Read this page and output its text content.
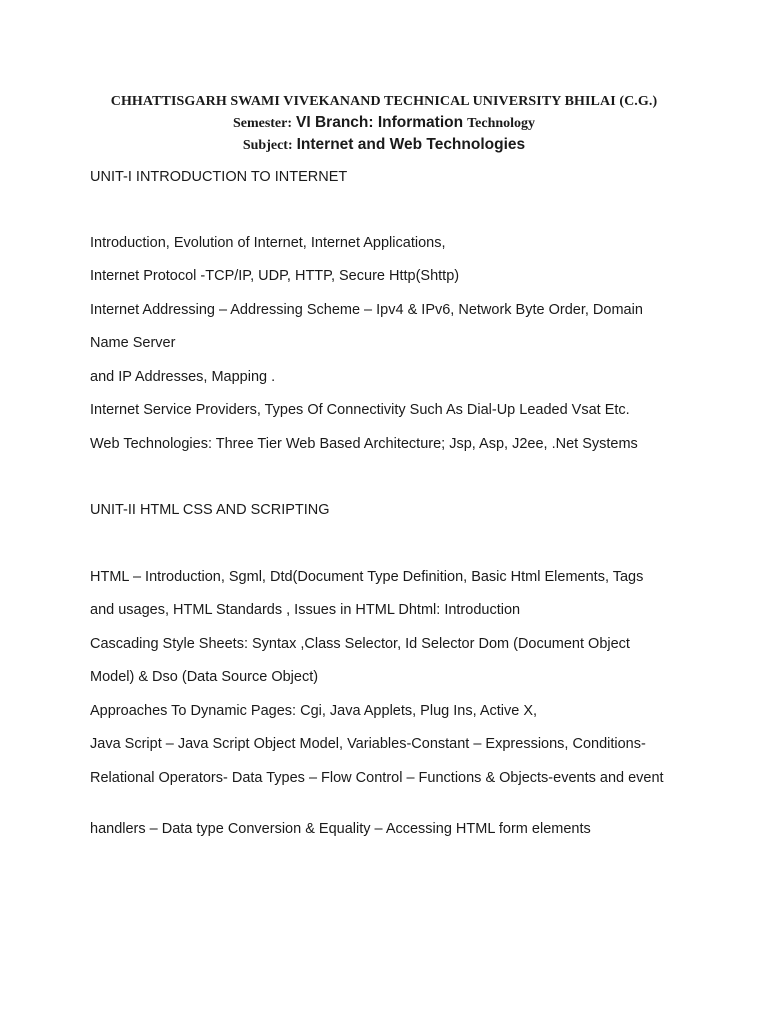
CHHATTISGARH SWAMI VIVEKANAND TECHNICAL UNIVERSITY BHILAI (C.G.)
Semester: VI Branch: Information Technology
Subject: Internet and Web Technologies
UNIT-I INTRODUCTION TO INTERNET
Introduction, Evolution of Internet, Internet Applications,
Internet Protocol -TCP/IP, UDP, HTTP, Secure Http(Shttp)
Internet Addressing – Addressing Scheme – Ipv4 & IPv6, Network Byte Order, Domain
Name Server
and IP Addresses, Mapping .
Internet Service Providers, Types Of Connectivity Such As Dial-Up Leaded Vsat Etc.
Web Technologies: Three Tier Web Based Architecture; Jsp, Asp, J2ee, .Net Systems
UNIT-II HTML CSS AND SCRIPTING
HTML – Introduction, Sgml, Dtd(Document Type Definition, Basic Html Elements, Tags
and usages, HTML Standards , Issues in HTML Dhtml: Introduction
Cascading Style Sheets: Syntax ,Class Selector, Id Selector Dom (Document Object
Model) & Dso (Data Source Object)
Approaches To Dynamic Pages: Cgi, Java Applets, Plug Ins, Active X,
Java Script – Java Script Object Model, Variables-Constant – Expressions, Conditions-
Relational Operators- Data Types – Flow Control – Functions & Objects-events and event
handlers – Data type Conversion & Equality – Accessing HTML form elements
